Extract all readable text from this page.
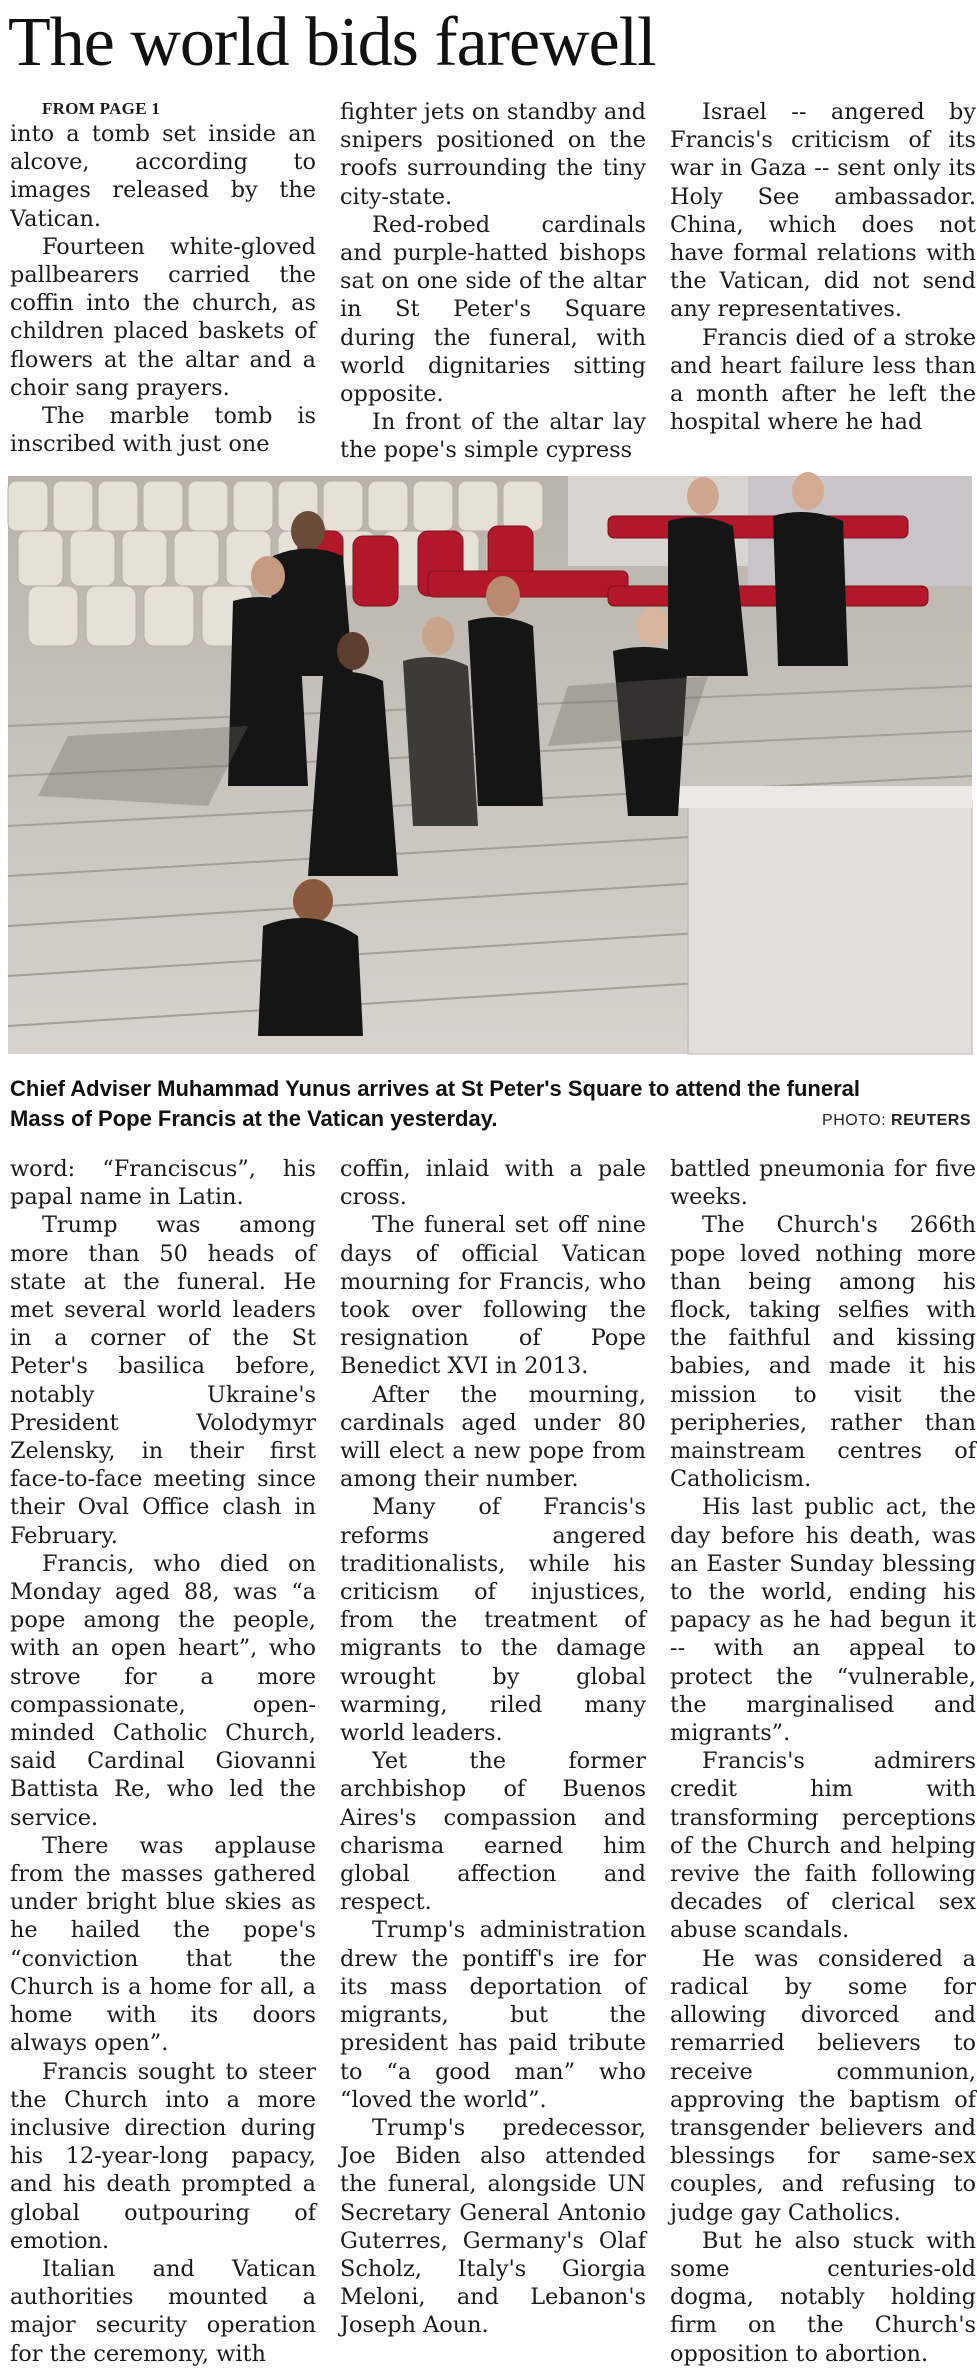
The world bids farewell

FROM PAGE 1

into a tomb set inside an alcove, according to images released by the Vatican.

Fourteen white-gloved pallbearers carried the coffin into the church, as children placed baskets of flowers at the altar and a choir sang prayers.

The marble tomb is inscribed with just one

fighter jets on standby and snipers positioned on the roofs surrounding the tiny city-state.

Red-robed cardinals and purple-hatted bishops sat on one side of the altar in St Peter's Square during the funeral, with world dignitaries sitting opposite.

In front of the altar lay the pope's simple cypress

Israel -- angered by Francis's criticism of its war in Gaza -- sent only its Holy See ambassador. China, which does not have formal relations with the Vatican, did not send any representatives.

Francis died of a stroke and heart failure less than a month after he left the hospital where he had

Chief Adviser Muhammad Yunus arrives at St Peter's Square to attend the funeral Mass of Pope Francis at the Vatican yesterday.	PHOTO: REUTERS

word: “Franciscus”, his papal name in Latin.

Trump was among more than 50 heads of state at the funeral. He met several world leaders in a corner of the St Peter's basilica before, notably Ukraine's President Volodymyr Zelensky, in their first face-to-face meeting since their Oval Office clash in February.

Francis, who died on Monday aged 88, was “a pope among the people, with an open heart”, who strove for a more compassionate, open-minded Catholic Church, said Cardinal Giovanni Battista Re, who led the service.

There was applause from the masses gathered under bright blue skies as he hailed the pope's “conviction that the Church is a home for all, a home with its doors always open”.

Francis sought to steer the Church into a more inclusive direction during his 12-year-long papacy, and his death prompted a global outpouring of emotion.

Italian and Vatican authorities mounted a major security operation for the ceremony, with

coffin, inlaid with a pale cross.

The funeral set off nine days of official Vatican mourning for Francis, who took over following the resignation of Pope Benedict XVI in 2013.

After the mourning, cardinals aged under 80 will elect a new pope from among their number.

Many of Francis's reforms angered traditionalists, while his criticism of injustices, from the treatment of migrants to the damage wrought by global warming, riled many world leaders.

Yet the former archbishop of Buenos Aires's compassion and charisma earned him global affection and respect.

Trump's administration drew the pontiff's ire for its mass deportation of migrants, but the president has paid tribute to “a good man” who “loved the world”.

Trump's predecessor, Joe Biden also attended the funeral, alongside UN Secretary General Antonio Guterres, Germany's Olaf Scholz, Italy's Giorgia Meloni, and Lebanon's Joseph Aoun.

battled pneumonia for five weeks.

The Church's 266th pope loved nothing more than being among his flock, taking selfies with the faithful and kissing babies, and made it his mission to visit the peripheries, rather than mainstream centres of Catholicism.

His last public act, the day before his death, was an Easter Sunday blessing to the world, ending his papacy as he had begun it -- with an appeal to protect the “vulnerable, the marginalised and migrants”.

Francis's admirers credit him with transforming perceptions of the Church and helping revive the faith following decades of clerical sex abuse scandals.

He was considered a radical by some for allowing divorced and remarried believers to receive communion, approving the baptism of transgender believers and blessings for same-sex couples, and refusing to judge gay Catholics.

But he also stuck with some centuries-old dogma, notably holding firm on the Church's opposition to abortion.
